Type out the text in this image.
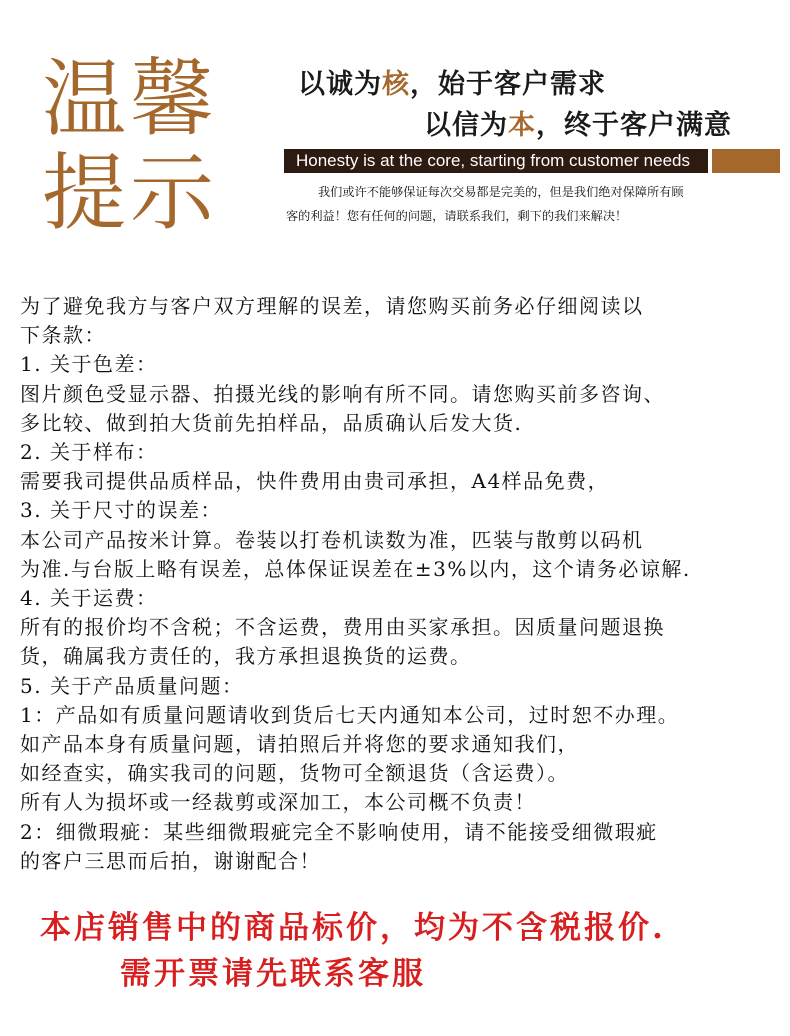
温馨
提示
以诚为核，始于客户需求
以信为本，终于客户满意
Honesty is at the core, starting from customer needs
我们或许不能够保证每次交易都是完美的，但是我们绝对保障所有顾
客的利益！您有任何的问题，请联系我们，剩下的我们来解决！
为了避免我方与客户双方理解的误差，请您购买前务必仔细阅读以
下条款：
1. 关于色差：
图片颜色受显示器、拍摄光线的影响有所不同。请您购买前多咨询、
多比较、做到拍大货前先拍样品，品质确认后发大货.
2. 关于样布：
需要我司提供品质样品，快件费用由贵司承担，A4样品免费，
3. 关于尺寸的误差：
本公司产品按米计算。卷装以打卷机读数为准，匹装与散剪以码机
为准.与台版上略有误差，总体保证误差在±3%以内，这个请务必谅解.
4. 关于运费：
所有的报价均不含税；不含运费，费用由买家承担。因质量问题退换
货，确属我方责任的，我方承担退换货的运费。
5. 关于产品质量问题：
1：产品如有质量问题请收到货后七天内通知本公司，过时恕不办理。
如产品本身有质量问题，请拍照后并将您的要求通知我们，
如经查实，确实我司的问题，货物可全额退货（含运费）。
所有人为损坏或一经裁剪或深加工，本公司概不负责！
2：细微瑕疵：某些细微瑕疵完全不影响使用，请不能接受细微瑕疵
的客户三思而后拍，谢谢配合！
本店销售中的商品标价，均为不含税报价.
需开票请先联系客服
